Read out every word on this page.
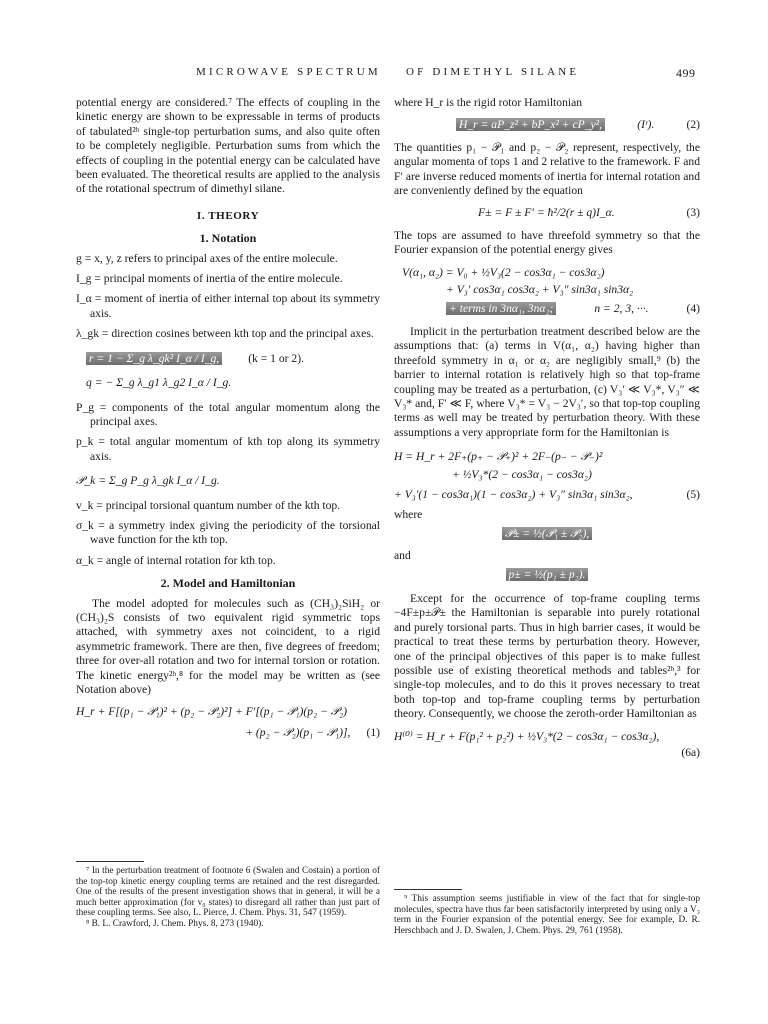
MICROWAVE SPECTRUM OF DIMETHYL SILANE	499

potential energy are considered.⁷ The effects of coupling in the kinetic energy are shown to be expressable in terms of products of tabulated²ᵇ single-top perturbation sums, and also quite often to be completely negligible. Perturbation sums from which the effects of coupling in the potential energy can be calculated have been evaluated. The theoretical results are applied to the analysis of the rotational spectrum of dimethyl silane.

I. THEORY
1. Notation

g = x, y, z refers to principal axes of the entire molecule.

I_g = principal moments of inertia of the entire molecule.

I_α = moment of inertia of either internal top about its symmetry axis.

λ_gk = direction cosines between kth top and the principal axes.

r = 1 − Σ_g λ_gk² I_α / I_g,	(k = 1 or 2).
q = − Σ_g λ_g1 λ_g2 I_α / I_g.

P_g = components of the total angular momentum along the principal axes.

p_k = total angular momentum of kth top along its symmetry axis.

𝒫_k = Σ_g P_g λ_gk I_α / I_g.

v_k = principal torsional quantum number of the kth top.

σ_k = a symmetry index giving the periodicity of the torsional wave function for the kth top.

α_k = angle of internal rotation for kth top.

2. Model and Hamiltonian

The model adopted for molecules such as (CH₃)₂SiH₂ or (CH₃)₂S consists of two equivalent rigid symmetric tops attached, with symmetry axes not coincident, to a rigid asymmetric framework. There are then, five degrees of freedom; three for over-all rotation and two for internal torsion or rotation. The kinetic energy²ᵇ,⁸ for the model may be written as (see Notation above)

H_r + F[(p₁ − 𝒫₁)² + (p₂ − 𝒫₂)²] + F′[(p₁ − 𝒫₁)(p₂ − 𝒫₂)
+ (p₂ − 𝒫₂)(p₁ − 𝒫₁)], (1)

⁷ In the perturbation treatment of footnote 6 (Swalen and Costain) a portion of the top-top kinetic energy coupling terms are retained and the rest disregarded. One of the results of the present investigation shows that in general, it will be a much better approximation (for v₀ states) to disregard all rather than just part of these coupling terms. See also, L. Pierce, J. Chem. Phys. 31, 547 (1959).

⁸ B. L. Crawford, J. Chem. Phys. 8, 273 (1940).

where H_r is the rigid rotor Hamiltonian

H_r = aP_z² + bP_x² + cP_y²,	(Iʳ).	(2)

The quantities p₁ − 𝒫₁ and p₂ − 𝒫₂ represent, respectively, the angular momenta of tops 1 and 2 relative to the framework. F and F′ are inverse reduced moments of inertia for internal rotation and are conveniently defined by the equation

F± = F ± F′ = ħ²/2(r ± q)I_α.	(3)

The tops are assumed to have threefold symmetry so that the Fourier expansion of the potential energy gives

V(α₁, α₂) = V₀ + ½V₃(2 − cos3α₁ − cos3α₂)
+ V₃′ cos3α₁ cos3α₂ + V₃″ sin3α₁ sin3α₂
+ terms in 3nα₁, 3nα₂;	n = 2, 3, ···.	(4)

Implicit in the perturbation treatment described below are the assumptions that: (a) terms in V(α₁, α₂) having higher than threefold symmetry in α₁ or α₂ are negligibly small,⁹ (b) the barrier to internal rotation is relatively high so that top-frame coupling may be treated as a perturbation, (c) V₃′ ≪ V₃*, V₃″ ≪ V₃* and, F′ ≪ F, where V₃* = V₃ − 2V₃′, so that top-top coupling terms as well may be treated by perturbation theory. With these assumptions a very appropriate form for the Hamiltonian is

H = H_r + 2F₊(p₊ − 𝒫₊)² + 2F₋(p₋ − 𝒫₋)²
+ ½V₃*(2 − cos3α₁ − cos3α₂)
+ V₃′(1 − cos3α₁)(1 − cos3α₂) + V₃″ sin3α₁ sin3α₂,	(5)

where

𝒫± = ½(𝒫₁ ± 𝒫₂),

and

p± = ½(p₁ ± p₂).

Except for the occurrence of top-frame coupling terms −4F±p±𝒫± the Hamiltonian is separable into purely rotational and purely torsional parts. Thus in high barrier cases, it would be practical to treat these terms by perturbation theory. However, one of the principal objectives of this paper is to make fullest possible use of existing theoretical methods and tables²ᵇ,³ for single-top molecules, and to do this it proves necessary to treat both top-top and top-frame coupling terms by perturbation theory. Consequently, we choose the zeroth-order Hamiltonian as

H⁽⁰⁾ = H_r + F(p₁² + p₂²) + ½V₃*(2 − cos3α₁ − cos3α₂),
(6a)

⁹ This assumption seems justifiable in view of the fact that for single-top molecules, spectra have thus far been satisfactorily interpreted by using only a V₃ term in the Fourier expansion of the potential energy. See for example, D. R. Herschbach and J. D. Swalen, J. Chem. Phys. 29, 761 (1958).
